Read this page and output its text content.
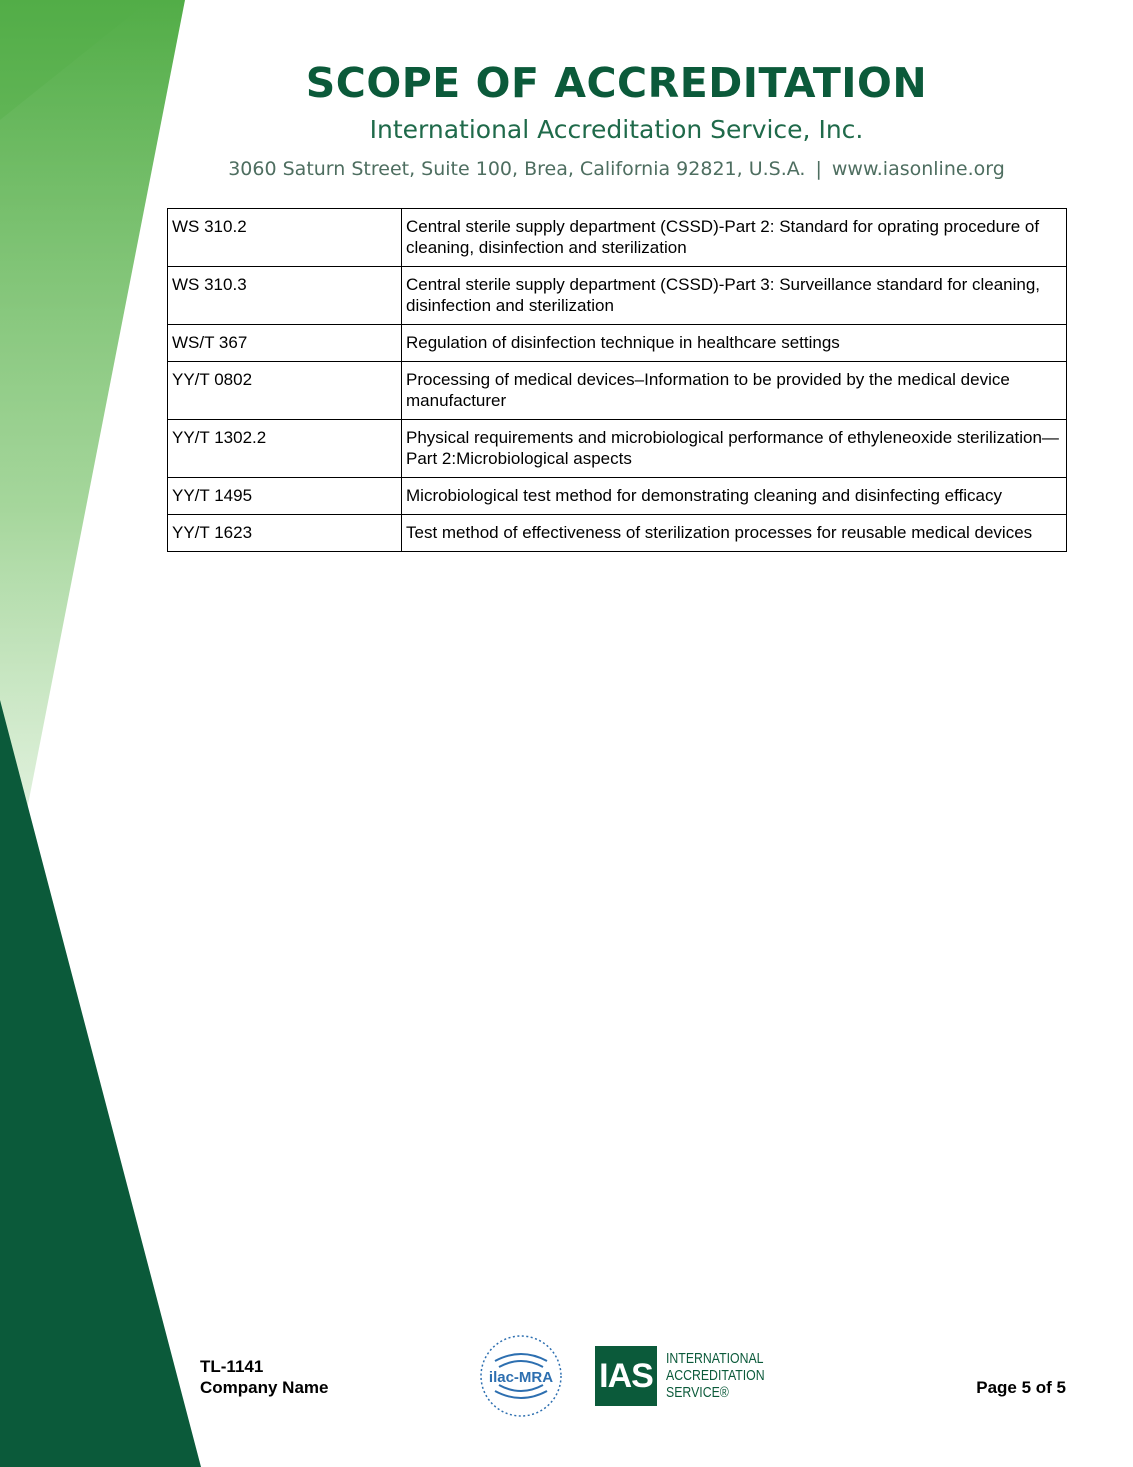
SCOPE OF ACCREDITATION
International Accreditation Service, Inc.
3060 Saturn Street, Suite 100, Brea, California 92821, U.S.A. | www.iasonline.org
WS 310.2	Central sterile supply department (CSSD)-Part 2: Standard for oprating procedure of cleaning, disinfection and sterilization
WS 310.3	Central sterile supply department (CSSD)-Part 3: Surveillance standard for cleaning, disinfection and sterilization
WS/T 367	Regulation of disinfection technique in healthcare settings
YY/T 0802	Processing of medical devices–Information to be provided by the medical device manufacturer
YY/T 1302.2	Physical requirements and microbiological performance of ethyleneoxide sterilization—Part 2:Microbiological aspects
YY/T 1495	Microbiological test method for demonstrating cleaning and disinfecting efficacy
YY/T 1623	Test method of effectiveness of sterilization processes for reusable medical devices
TL-1141
Company Name
ilac-MRA IAS INTERNATIONAL
ACCREDITATION
SERVICE®	Page 5 of 5
